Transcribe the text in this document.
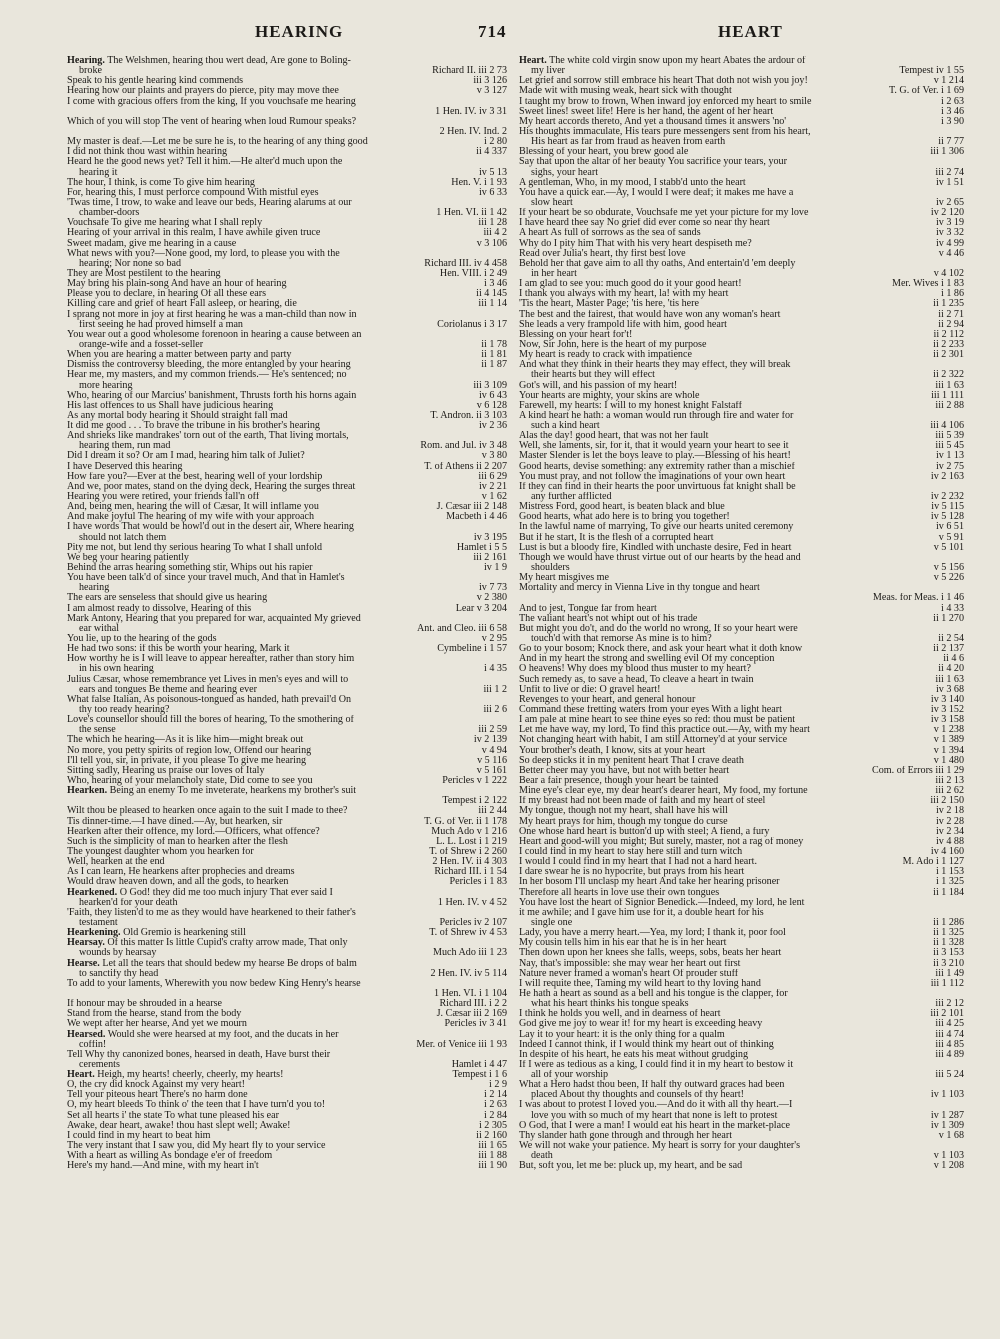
HEARING	714	HEART
Hearing. The Welshmen, hearing thou wert dead, Are gone to Boling-
broke	Richard II. iii 2 73
Speak to his gentle hearing kind commends	iii 3 126
Hearing how our plaints and prayers do pierce, pity may move thee	v 3 127
I come with gracious offers from the king, If you vouchsafe me hearing
1 Hen. IV. iv 3 31
Which of you will stop The vent of hearing when loud Rumour speaks?
2 Hen. IV. Ind. 2
My master is deaf.—Let me be sure he is, to the hearing of any thing good	i 2 80
I did not think thou wast within hearing	ii 4 337
Heard he the good news yet? Tell it him.—He alter'd much upon the
hearing it	iv 5 13
The hour, I think, is come To give him hearing	Hen. V. i 1 93
For, hearing this, I must perforce compound With mistful eyes	iv 6 33
'Twas time, I trow, to wake and leave our beds, Hearing alarums at our
chamber-doors	1 Hen. VI. ii 1 42
Vouchsafe To give me hearing what I shall reply	iii 1 28
Hearing of your arrival in this realm, I have awhile given truce	iii 4 2
Sweet madam, give me hearing in a cause	v 3 106
What news with you?—None good, my lord, to please you with the
hearing; Nor none so bad	Richard III. iv 4 458
They are Most pestilent to the hearing	Hen. VIII. i 2 49
May bring his plain-song And have an hour of hearing	i 3 46
Please you to declare, in hearing Of all these ears	ii 4 145
Killing care and grief of heart Fall asleep, or hearing, die	iii 1 14
I sprang not more in joy at first hearing he was a man-child than now in
first seeing he had proved himself a man	Coriolanus i 3 17
You wear out a good wholesome forenoon in hearing a cause between an
orange-wife and a fosset-seller	ii 1 78
When you are hearing a matter between party and party	ii 1 81
Dismiss the controversy bleeding, the more entangled by your hearing	ii 1 87
Hear me, my masters, and my common friends.— He's sentenced; no
more hearing	iii 3 109
Who, hearing of our Marcius' banishment, Thrusts forth his horns again	iv 6 43
His last offences to us Shall have judicious hearing	v 6 128
As any mortal body hearing it Should straight fall mad	T. Andron. ii 3 103
It did me good . . . To brave the tribune in his brother's hearing	iv 2 36
And shrieks like mandrakes' torn out of the earth, That living mortals,
hearing them, run mad	Rom. and Jul. iv 3 48
Did I dream it so? Or am I mad, hearing him talk of Juliet?	v 3 80
I have Deserved this hearing	T. of Athens ii 2 207
How fare you?—Ever at the best, hearing well of your lordship	iii 6 29
And we, poor mates, stand on the dying deck, Hearing the surges threat	iv 2 21
Hearing you were retired, your friends fall'n off	v 1 62
And, being men, hearing the will of Cæsar, It will inflame you	J. Cæsar iii 2 148
And make joyful The hearing of my wife with your approach	Macbeth i 4 46
I have words That would be howl'd out in the desert air, Where hearing
should not latch them	iv 3 195
Pity me not, but lend thy serious hearing To what I shall unfold	Hamlet i 5 5
We beg your hearing patiently	iii 2 161
Behind the arras hearing something stir, Whips out his rapier	iv 1 9
You have been talk'd of since your travel much, And that in Hamlet's
hearing	iv 7 73
The ears are senseless that should give us hearing	v 2 380
I am almost ready to dissolve, Hearing of this	Lear v 3 204
Mark Antony, Hearing that you prepared for war, acquainted My grieved
ear withal	Ant. and Cleo. iii 6 58
You lie, up to the hearing of the gods	v 2 95
He had two sons: if this be worth your hearing, Mark it	Cymbeline i 1 57
How worthy he is I will leave to appear hereafter, rather than story him
in his own hearing	i 4 35
Julius Cæsar, whose remembrance yet Lives in men's eyes and will to
ears and tongues Be theme and hearing ever	iii 1 2
What false Italian, As poisonous-tongued as handed, hath prevail'd On
thy too ready hearing?	iii 2 6
Love's counsellor should fill the bores of hearing, To the smothering of
the sense	iii 2 59
The which he hearing—As it is like him—might break out	iv 2 139
No more, you petty spirits of region low, Offend our hearing	v 4 94
I'll tell you, sir, in private, if you please To give me hearing	v 5 116
Sitting sadly, Hearing us praise our loves of Italy	v 5 161
Who, hearing of your melancholy state, Did come to see you	Pericles v 1 222
Hearken. Being an enemy To me inveterate, hearkens my brother's suit
Tempest i 2 122
Wilt thou be pleased to hearken once again to the suit I made to thee?	iii 2 44
Tis dinner-time.—I have dined.—Ay, but hearken, sir	T. G. of Ver. ii 1 178
Hearken after their offence, my lord.—Officers, what offence?	Much Ado v 1 216
Such is the simplicity of man to hearken after the flesh	L. L. Lost i 1 219
The youngest daughter whom you hearken for	T. of Shrew i 2 260
Well, hearken at the end	2 Hen. IV. ii 4 303
As I can learn, He hearkens after prophecies and dreams	Richard III. i 1 54
Would draw heaven down, and all the gods, to hearken	Pericles i 1 83
Hearkened. O God! they did me too much injury That ever said I
hearken'd for your death	1 Hen. IV. v 4 52
'Faith, they listen'd to me as they would have hearkened to their father's
testament	Pericles iv 2 107
Hearkening. Old Gremio is hearkening still	T. of Shrew iv 4 53
Hearsay. Of this matter Is little Cupid's crafty arrow made, That only
wounds by hearsay	Much Ado iii 1 23
Hearse. Let all the tears that should bedew my hearse Be drops of balm
to sanctify thy head	2 Hen. IV. iv 5 114
To add to your laments, Wherewith you now bedew King Henry's hearse
1 Hen. VI. i 1 104
If honour may be shrouded in a hearse	Richard III. i 2 2
Stand from the hearse, stand from the body	J. Cæsar iii 2 169
We wept after her hearse, And yet we mourn	Pericles iv 3 41
Hearsed. Would she were hearsed at my foot, and the ducats in her
coffin!	Mer. of Venice iii 1 93
Tell Why thy canonized bones, hearsed in death, Have burst their
cerements	Hamlet i 4 47
Heart. Heigh, my hearts! cheerly, cheerly, my hearts!	Tempest i 1 6
O, the cry did knock Against my very heart!	i 2 9
Tell your piteous heart There's no harm done	i 2 14
O, my heart bleeds To think o' the teen that I have turn'd you to!	i 2 63
Set all hearts i' the state To what tune pleased his ear	i 2 84
Awake, dear heart, awake! thou hast slept well; Awake!	i 2 305
I could find in my heart to beat him	ii 2 160
The very instant that I saw you, did My heart fly to your service	iii 1 65
With a heart as willing As bondage e'er of freedom	iii 1 88
Here's my hand.—And mine, with my heart in't	iii 1 90
Heart. The white cold virgin snow upon my heart Abates the ardour of
my liver	Tempest iv 1 55
Let grief and sorrow still embrace his heart That doth not wish you joy!	v 1 214
Made wit with musing weak, heart sick with thought	T. G. of Ver. i 1 69
I taught my brow to frown, When inward joy enforced my heart to smile	i 2 63
Sweet lines! sweet life! Here is her hand, the agent of her heart	i 3 46
My heart accords thereto, And yet a thousand times it answers 'no'	i 3 90
His thoughts immaculate, His tears pure messengers sent from his heart,
His heart as far from fraud as heaven from earth	ii 7 77
Blessing of your heart, you brew good ale	iii 1 306
Say that upon the altar of her beauty You sacrifice your tears, your
sighs, your heart	iii 2 74
A gentleman, Who, in my mood, I stabb'd unto the heart	iv 1 51
You have a quick ear.—Ay, I would I were deaf; it makes me have a
slow heart	iv 2 65
If your heart be so obdurate, Vouchsafe me yet your picture for my love	iv 2 120
I have heard thee say No grief did ever come so near thy heart	iv 3 19
A heart As full of sorrows as the sea of sands	iv 3 32
Why do I pity him That with his very heart despiseth me?	iv 4 99
Read over Julia's heart, thy first best love	v 4 46
Behold her that gave aim to all thy oaths, And entertain'd 'em deeply
in her heart	v 4 102
I am glad to see you: much good do it your good heart!	Mer. Wives i 1 83
I thank you always with my heart, la! with my heart	i 1 86
'Tis the heart, Master Page; 'tis here, 'tis here	ii 1 235
The best and the fairest, that would have won any woman's heart	ii 2 71
She leads a very frampold life with him, good heart	ii 2 94
Blessing on your heart for't!	ii 2 112
Now, Sir John, here is the heart of my purpose	ii 2 233
My heart is ready to crack with impatience	ii 2 301
And what they think in their hearts they may effect, they will break
their hearts but they will effect	ii 2 322
Got's will, and his passion of my heart!	iii 1 63
Your hearts are mighty, your skins are whole	iii 1 111
Farewell, my hearts: I will to my honest knight Falstaff	iii 2 88
A kind heart he hath: a woman would run through fire and water for
such a kind heart	iii 4 106
Alas the day! good heart, that was not her fault	iii 5 39
Well, she laments, sir, for it, that it would yearn your heart to see it	iii 5 45
Master Slender is let the boys leave to play.—Blessing of his heart!	iv 1 13
Good hearts, devise something: any extremity rather than a mischief	iv 2 75
You must pray, and not follow the imaginations of your own heart	iv 2 163
If they can find in their hearts the poor unvirtuous fat knight shall be
any further afflicted	iv 2 232
Mistress Ford, good heart, is beaten black and blue	iv 5 115
Good hearts, what ado here is to bring you together!	iv 5 128
In the lawful name of marrying, To give our hearts united ceremony	iv 6 51
But if he start, It is the flesh of a corrupted heart	v 5 91
Lust is but a bloody fire, Kindled with unchaste desire, Fed in heart	v 5 101
Though we would have thrust virtue out of our hearts by the head and
shoulders	v 5 156
My heart misgives me	v 5 226
Mortality and mercy in Vienna Live in thy tongue and heart
Meas. for Meas. i 1 46
And to jest, Tongue far from heart	i 4 33
The valiant heart's not whipt out of his trade	ii 1 270
But might you do't, and do the world no wrong, If so your heart were
touch'd with that remorse As mine is to him?	ii 2 54
Go to your bosom; Knock there, and ask your heart what it doth know	ii 2 137
And in my heart the strong and swelling evil Of my conception	ii 4 6
O heavens! Why does my blood thus muster to my heart?	ii 4 20
Such remedy as, to save a head, To cleave a heart in twain	iii 1 63
Unfit to live or die: O gravel heart!	iv 3 68
Revenges to your heart, and general honour	iv 3 140
Command these fretting waters from your eyes With a light heart	iv 3 152
I am pale at mine heart to see thine eyes so red: thou must be patient	iv 3 158
Let me have way, my lord, To find this practice out.—Ay, with my heart	v 1 238
Not changing heart with habit, I am still Attorney'd at your service	v 1 389
Your brother's death, I know, sits at your heart	v 1 394
So deep sticks it in my penitent heart That I crave death	v 1 480
Better cheer may you have, but not with better heart	Com. of Errors iii 1 29
Bear a fair presence, though your heart be tainted	iii 2 13
Mine eye's clear eye, my dear heart's dearer heart, My food, my fortune	iii 2 62
If my breast had not been made of faith and my heart of steel	iii 2 150
My tongue, though not my heart, shall have his will	iv 2 18
My heart prays for him, though my tongue do curse	iv 2 28
One whose hard heart is button'd up with steel; A fiend, a fury	iv 2 34
Heart and good-will you might; But surely, master, not a rag of money	iv 4 88
I could find in my heart to stay here still and turn witch	iv 4 160
I would I could find in my heart that I had not a hard heart.	M. Ado i 1 127
I dare swear he is no hypocrite, but prays from his heart	i 1 153
In her bosom I'll unclasp my heart And take her hearing prisoner	i 1 325
Therefore all hearts in love use their own tongues	ii 1 184
You have lost the heart of Signior Benedick.—Indeed, my lord, he lent
it me awhile; and I gave him use for it, a double heart for his
single one	ii 1 286
Lady, you have a merry heart.—Yea, my lord; I thank it, poor fool	ii 1 325
My cousin tells him in his ear that he is in her heart	ii 1 328
Then down upon her knees she falls, weeps, sobs, beats her heart	ii 3 153
Nay, that's impossible: she may wear her heart out first	ii 3 210
Nature never framed a woman's heart Of prouder stuff	iii 1 49
I will requite thee, Taming my wild heart to thy loving hand	iii 1 112
He hath a heart as sound as a bell and his tongue is the clapper, for
what his heart thinks his tongue speaks	iii 2 12
I think he holds you well, and in dearness of heart	iii 2 101
God give me joy to wear it! for my heart is exceeding heavy	iii 4 25
Lay it to your heart: it is the only thing for a qualm	iii 4 74
Indeed I cannot think, if I would think my heart out of thinking	iii 4 85
In despite of his heart, he eats his meat without grudging	iii 4 89
If I were as tedious as a king, I could find it in my heart to bestow it
all of your worship	iii 5 24
What a Hero hadst thou been, If half thy outward graces had been
placed About thy thoughts and counsels of thy heart!	iv 1 103
I was about to protest I loved you.—And do it with all thy heart.—I
love you with so much of my heart that none is left to protest	iv 1 287
O God, that I were a man! I would eat his heart in the market-place	iv 1 309
Thy slander hath gone through and through her heart	v 1 68
We will not wake your patience. My heart is sorry for your daughter's
death	v 1 103
But, soft you, let me be: pluck up, my heart, and be sad	v 1 208
